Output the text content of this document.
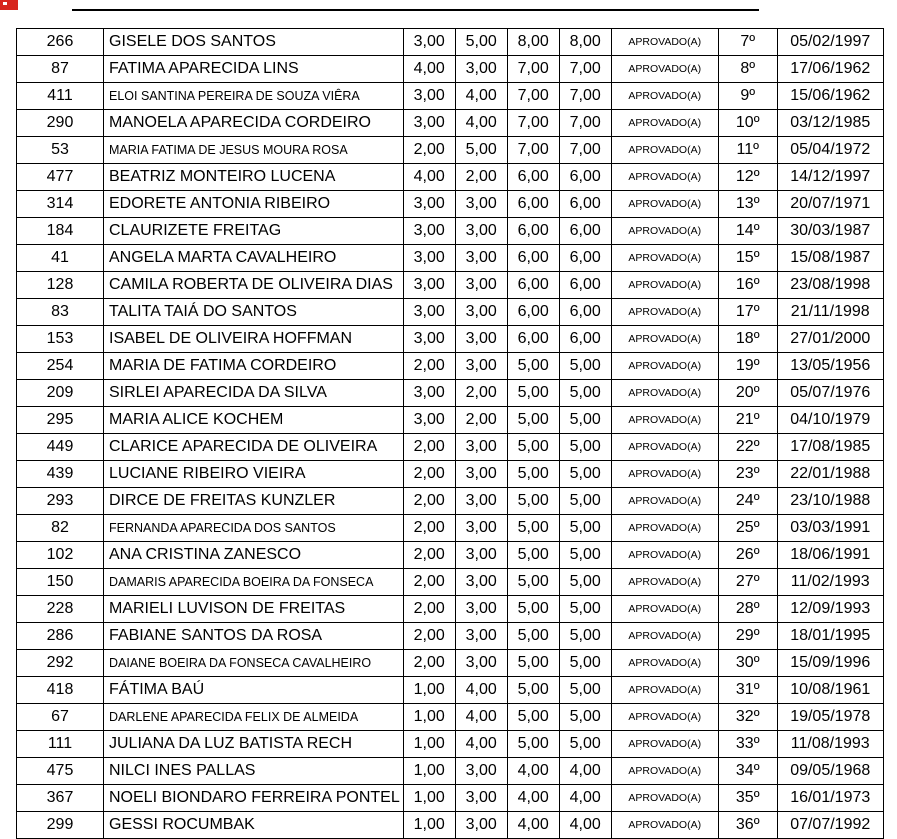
266	GISELE DOS SANTOS	3,00	5,00	8,00	8,00	APROVADO(A)	7º	05/02/1997
87	FATIMA APARECIDA LINS	4,00	3,00	7,00	7,00	APROVADO(A)	8º	17/06/1962
411	ELOI SANTINA PEREIRA DE SOUZA VIÊRA	3,00	4,00	7,00	7,00	APROVADO(A)	9º	15/06/1962
290	MANOELA APARECIDA CORDEIRO	3,00	4,00	7,00	7,00	APROVADO(A)	10º	03/12/1985
53	MARIA FATIMA DE JESUS MOURA ROSA	2,00	5,00	7,00	7,00	APROVADO(A)	11º	05/04/1972
477	BEATRIZ MONTEIRO LUCENA	4,00	2,00	6,00	6,00	APROVADO(A)	12º	14/12/1997
314	EDORETE ANTONIA RIBEIRO	3,00	3,00	6,00	6,00	APROVADO(A)	13º	20/07/1971
184	CLAURIZETE FREITAG	3,00	3,00	6,00	6,00	APROVADO(A)	14º	30/03/1987
41	ANGELA MARTA CAVALHEIRO	3,00	3,00	6,00	6,00	APROVADO(A)	15º	15/08/1987
128	CAMILA ROBERTA DE OLIVEIRA DIAS	3,00	3,00	6,00	6,00	APROVADO(A)	16º	23/08/1998
83	TALITA TAIÁ DO SANTOS	3,00	3,00	6,00	6,00	APROVADO(A)	17º	21/11/1998
153	ISABEL DE OLIVEIRA HOFFMAN	3,00	3,00	6,00	6,00	APROVADO(A)	18º	27/01/2000
254	MARIA DE FATIMA CORDEIRO	2,00	3,00	5,00	5,00	APROVADO(A)	19º	13/05/1956
209	SIRLEI APARECIDA DA SILVA	3,00	2,00	5,00	5,00	APROVADO(A)	20º	05/07/1976
295	MARIA ALICE KOCHEM	3,00	2,00	5,00	5,00	APROVADO(A)	21º	04/10/1979
449	CLARICE APARECIDA DE OLIVEIRA	2,00	3,00	5,00	5,00	APROVADO(A)	22º	17/08/1985
439	LUCIANE RIBEIRO VIEIRA	2,00	3,00	5,00	5,00	APROVADO(A)	23º	22/01/1988
293	DIRCE DE FREITAS KUNZLER	2,00	3,00	5,00	5,00	APROVADO(A)	24º	23/10/1988
82	FERNANDA APARECIDA DOS SANTOS	2,00	3,00	5,00	5,00	APROVADO(A)	25º	03/03/1991
102	ANA CRISTINA ZANESCO	2,00	3,00	5,00	5,00	APROVADO(A)	26º	18/06/1991
150	DAMARIS APARECIDA BOEIRA DA FONSECA	2,00	3,00	5,00	5,00	APROVADO(A)	27º	11/02/1993
228	MARIELI LUVISON DE FREITAS	2,00	3,00	5,00	5,00	APROVADO(A)	28º	12/09/1993
286	FABIANE SANTOS DA ROSA	2,00	3,00	5,00	5,00	APROVADO(A)	29º	18/01/1995
292	DAIANE BOEIRA DA FONSECA CAVALHEIRO	2,00	3,00	5,00	5,00	APROVADO(A)	30º	15/09/1996
418	FÁTIMA BAÚ	1,00	4,00	5,00	5,00	APROVADO(A)	31º	10/08/1961
67	DARLENE APARECIDA FELIX DE ALMEIDA	1,00	4,00	5,00	5,00	APROVADO(A)	32º	19/05/1978
111	JULIANA DA LUZ BATISTA RECH	1,00	4,00	5,00	5,00	APROVADO(A)	33º	11/08/1993
475	NILCI INES PALLAS	1,00	3,00	4,00	4,00	APROVADO(A)	34º	09/05/1968
367	NOELI BIONDARO FERREIRA PONTEL	1,00	3,00	4,00	4,00	APROVADO(A)	35º	16/01/1973
299	GESSI ROCUMBAK	1,00	3,00	4,00	4,00	APROVADO(A)	36º	07/07/1992
